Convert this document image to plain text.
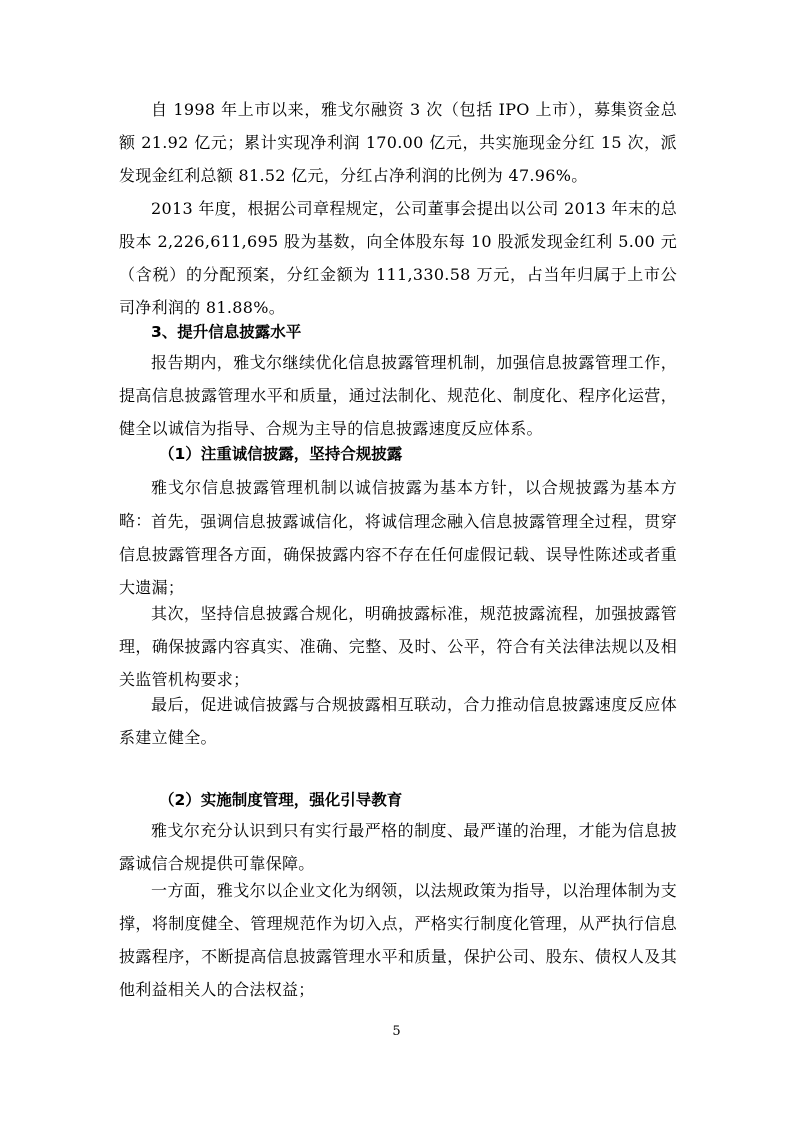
自 1998 年上市以来，雅戈尔融资 3 次（包括 IPO 上市），募集资金总额 21.92 亿元；累计实现净利润 170.00 亿元，共实施现金分红 15 次，派发现金红利总额 81.52 亿元，分红占净利润的比例为 47.96%。

2013 年度，根据公司章程规定，公司董事会提出以公司 2013 年末的总股本 2,226,611,695 股为基数，向全体股东每 10 股派发现金红利 5.00 元（含税）的分配预案，分红金额为 111,330.58 万元，占当年归属于上市公司净利润的 81.88%。

3、提升信息披露水平

报告期内，雅戈尔继续优化信息披露管理机制，加强信息披露管理工作，提高信息披露管理水平和质量，通过法制化、规范化、制度化、程序化运营，健全以诚信为指导、合规为主导的信息披露速度反应体系。

（1）注重诚信披露，坚持合规披露

雅戈尔信息披露管理机制以诚信披露为基本方针，以合规披露为基本方略： 首先，强调信息披露诚信化，将诚信理念融入信息披露管理全过程，贯穿信息披露管理各方面，确保披露内容不存在任何虚假记载、误导性陈述或者重大遗漏；

其次，坚持信息披露合规化，明确披露标准，规范披露流程，加强披露管理，确保披露内容真实、准确、完整、及时、公平，符合有关法律法规以及相关监管机构要求；

最后，促进诚信披露与合规披露相互联动，合力推动信息披露速度反应体系建立健全。

（2）实施制度管理，强化引导教育

雅戈尔充分认识到只有实行最严格的制度、最严谨的治理，才能为信息披露诚信合规提供可靠保障。

一方面，雅戈尔以企业文化为纲领，以法规政策为指导，以治理体制为支撑，将制度健全、管理规范作为切入点，严格实行制度化管理，从严执行信息披露程序，不断提高信息披露管理水平和质量，保护公司、股东、债权人及其他利益相关人的合法权益；

5
